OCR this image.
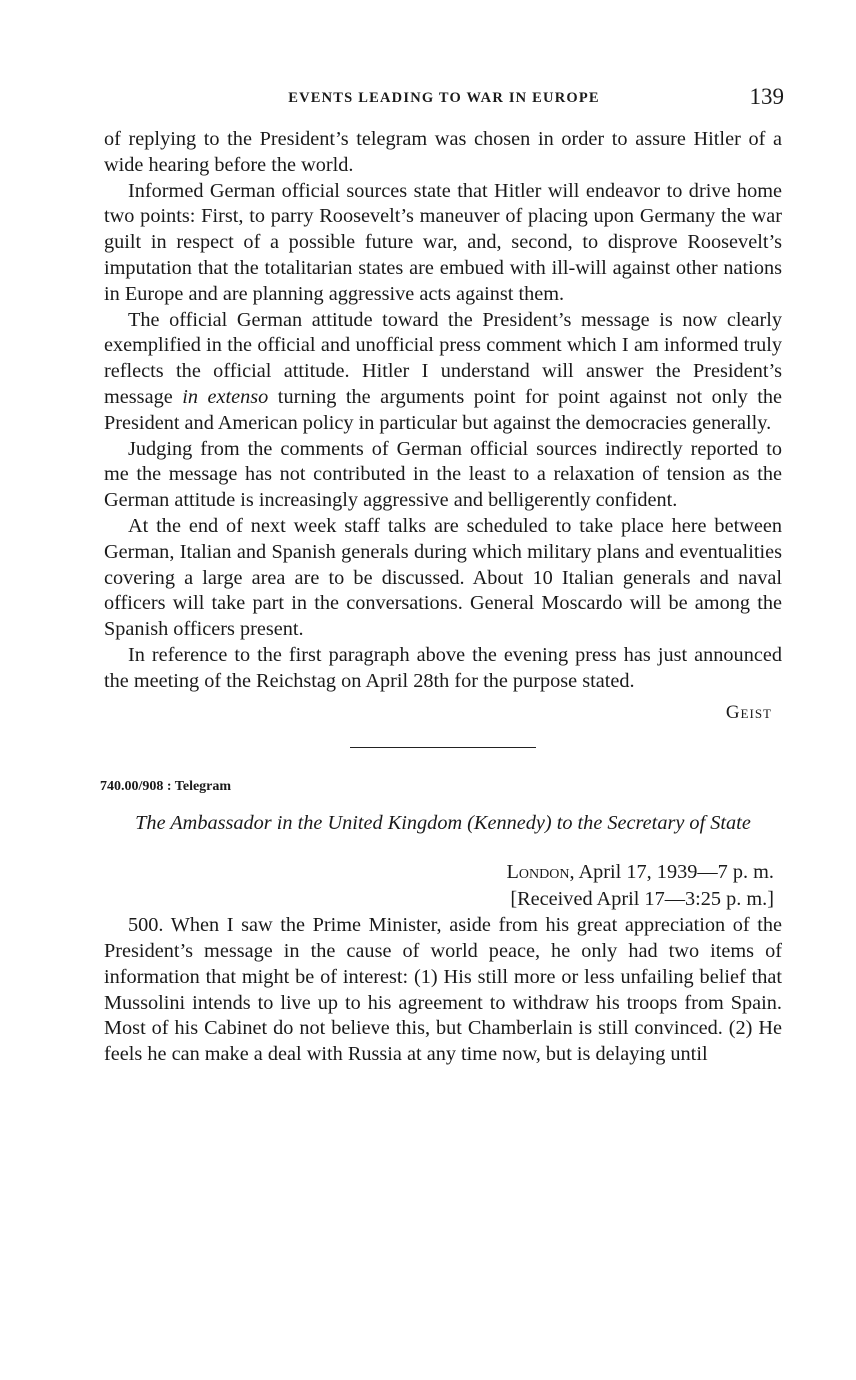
EVENTS LEADING TO WAR IN EUROPE	139

of replying to the President’s telegram was chosen in order to assure Hitler of a wide hearing before the world.

Informed German official sources state that Hitler will endeavor to drive home two points: First, to parry Roosevelt’s maneuver of placing upon Germany the war guilt in respect of a possible future war, and, second, to disprove Roosevelt’s imputation that the totalitarian states are embued with ill-will against other nations in Europe and are planning aggressive acts against them.

The official German attitude toward the President’s message is now clearly exemplified in the official and unofficial press comment which I am informed truly reflects the official attitude. Hitler I understand will answer the President’s message in extenso turning the arguments point for point against not only the President and American policy in particular but against the democracies generally.

Judging from the comments of German official sources indirectly reported to me the message has not contributed in the least to a relaxation of tension as the German attitude is increasingly aggressive and belligerently confident.

At the end of next week staff talks are scheduled to take place here between German, Italian and Spanish generals during which military plans and eventualities covering a large area are to be discussed. About 10 Italian generals and naval officers will take part in the conversations. General Moscardo will be among the Spanish officers present.

In reference to the first paragraph above the evening press has just announced the meeting of the Reichstag on April 28th for the purpose stated.

Geist
740.00/908 : Telegram
The Ambassador in the United Kingdom (Kennedy) to the Secretary of State
London, April 17, 1939—7 p. m.
[Received April 17—3:25 p. m.]

500. When I saw the Prime Minister, aside from his great appreciation of the President’s message in the cause of world peace, he only had two items of information that might be of interest: (1) His still more or less unfailing belief that Mussolini intends to live up to his agreement to withdraw his troops from Spain. Most of his Cabinet do not believe this, but Chamberlain is still convinced. (2) He feels he can make a deal with Russia at any time now, but is delaying until
